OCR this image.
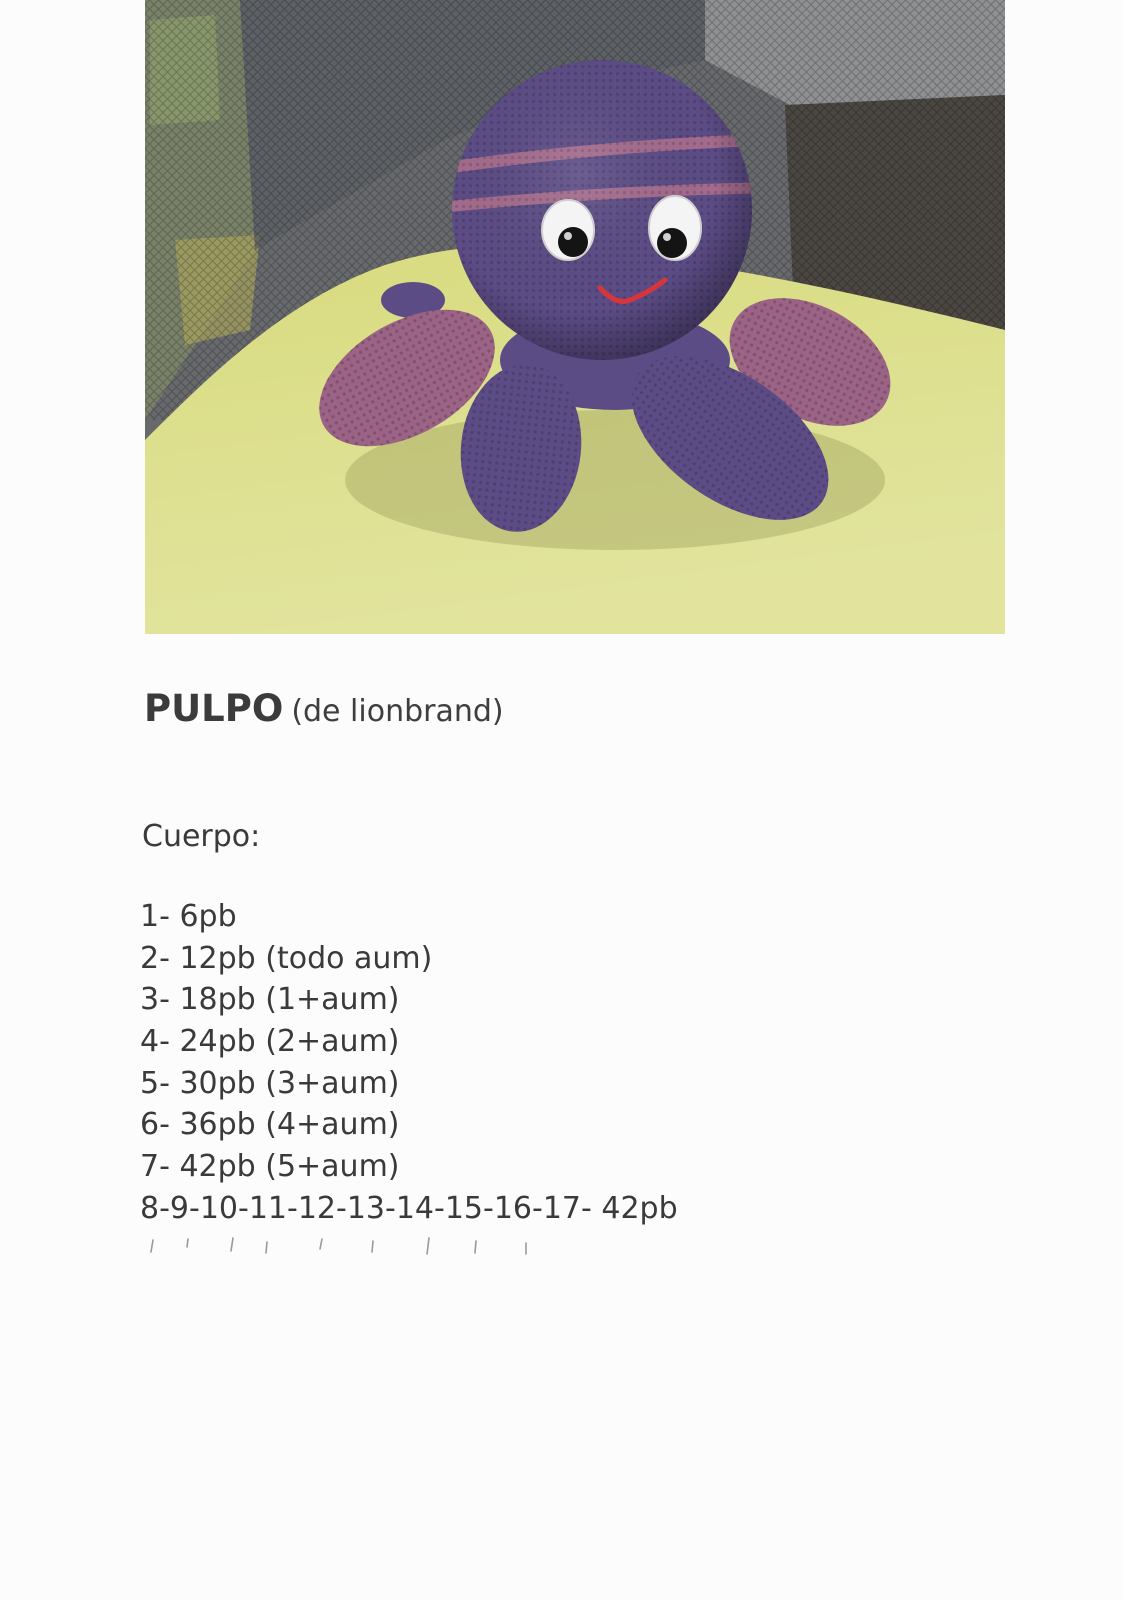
PULPO (de lionbrand)
Cuerpo:
1- 6pb
2- 12pb (todo aum)
3- 18pb (1+aum)
4- 24pb (2+aum)
5- 30pb (3+aum)
6- 36pb (4+aum)
7- 42pb (5+aum)
8-9-10-11-12-13-14-15-16-17- 42pb
